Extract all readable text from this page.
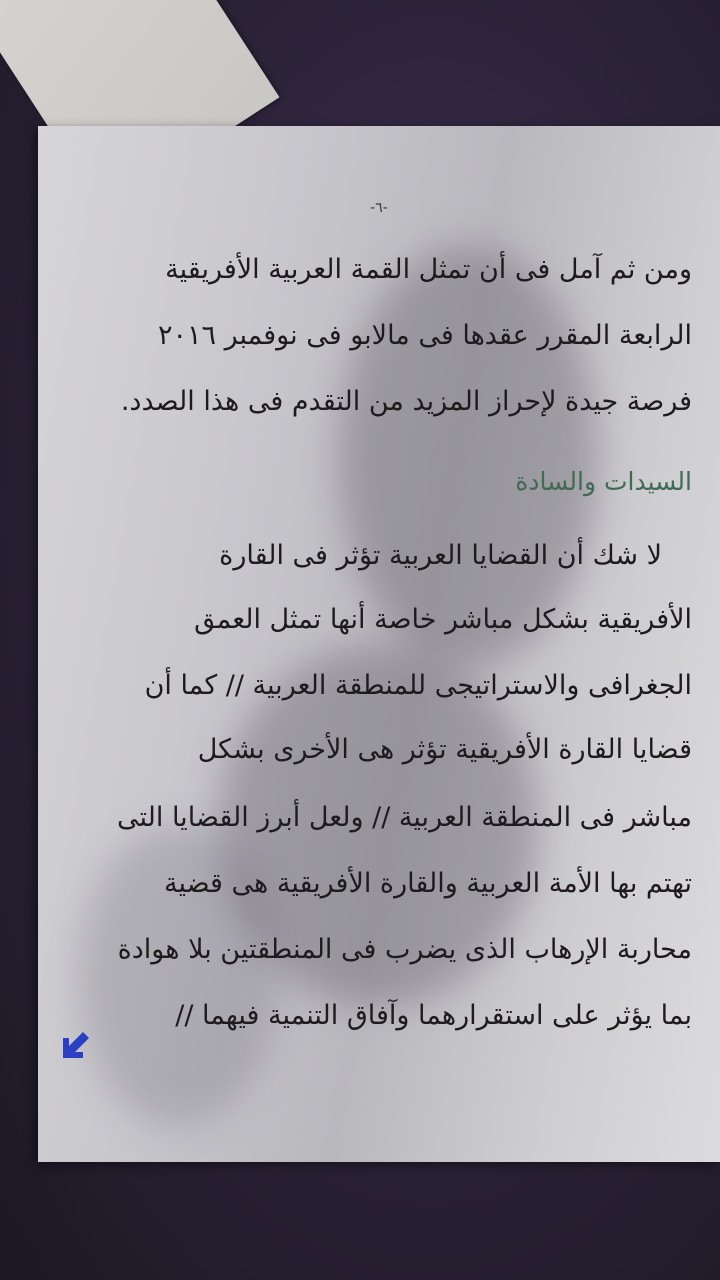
-٦-
ومن ثم آمل فى أن تمثل القمة العربية الأفريقية
الرابعة المقرر عقدها فى مالابو فى نوفمبر ٢٠١٦
فرصة جيدة لإحراز المزيد من التقدم فى هذا الصدد.
السيدات والسادة
لا شك أن القضايا العربية تؤثر فى القارة
الأفريقية بشكل مباشر خاصة أنها تمثل العمق
الجغرافى والاستراتيجى للمنطقة العربية // كما أن
قضايا القارة الأفريقية تؤثر هى الأخرى بشكل
مباشر فى المنطقة العربية // ولعل أبرز القضايا التى
تهتم بها الأمة العربية والقارة الأفريقية هى قضية
محاربة الإرهاب الذى يضرب فى المنطقتين بلا هوادة
بما يؤثر على استقرارهما وآفاق التنمية فيهما //
